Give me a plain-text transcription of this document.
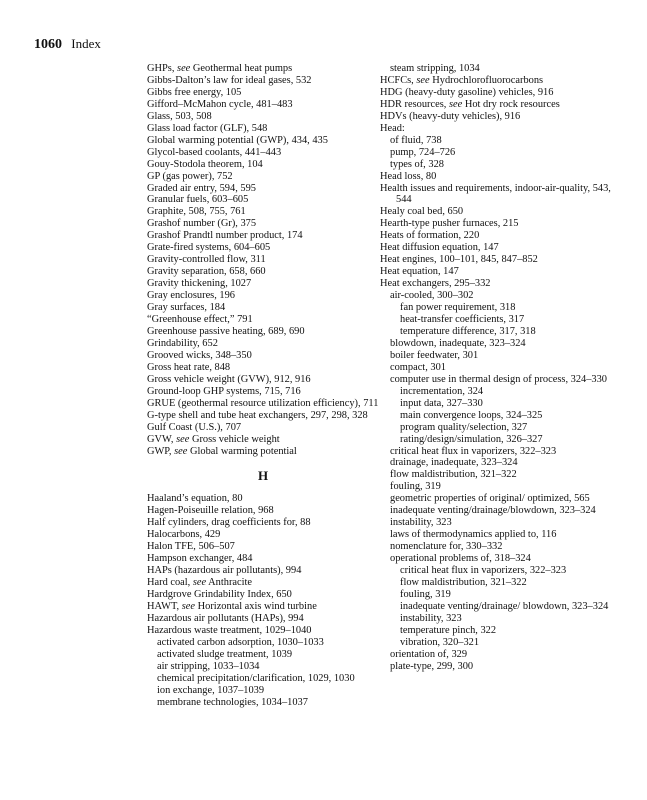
1060 Index
GHPs, see Geothermal heat pumps
Gibbs-Dalton’s law for ideal gases, 532
Gibbs free energy, 105
Gifford–McMahon cycle, 481–483
Glass, 503, 508
Glass load factor (GLF), 548
Global warming potential (GWP), 434, 435
Glycol-based coolants, 441–443
Gouy-Stodola theorem, 104
GP (gas power), 752
Graded air entry, 594, 595
Granular fuels, 603–605
Graphite, 508, 755, 761
Grashof number (Gr), 375
Grashof Prandtl number product, 174
Grate-fired systems, 604–605
Gravity-controlled flow, 311
Gravity separation, 658, 660
Gravity thickening, 1027
Gray enclosures, 196
Gray surfaces, 184
“Greenhouse effect,” 791
Greenhouse passive heating, 689, 690
Grindability, 652
Grooved wicks, 348–350
Gross heat rate, 848
Gross vehicle weight (GVW), 912, 916
Ground-loop GHP systems, 715, 716
GRUE (geothermal resource utilization efficiency), 711
G-type shell and tube heat exchangers, 297, 298, 328
Gulf Coast (U.S.), 707
GVW, see Gross vehicle weight
GWP, see Global warming potential
H
Haaland’s equation, 80
Hagen-Poiseuille relation, 968
Half cylinders, drag coefficients for, 88
Halocarbons, 429
Halon TFE, 506–507
Hampson exchanger, 484
HAPs (hazardous air pollutants), 994
Hard coal, see Anthracite
Hardgrove Grindability Index, 650
HAWT, see Horizontal axis wind turbine
Hazardous air pollutants (HAPs), 994
Hazardous waste treatment, 1029–1040
activated carbon adsorption, 1030–1033
activated sludge treatment, 1039
air stripping, 1033–1034
chemical precipitation/clarification, 1029, 1030
ion exchange, 1037–1039
membrane technologies, 1034–1037
steam stripping, 1034
HCFCs, see Hydrochlorofluorocarbons
HDG (heavy-duty gasoline) vehicles, 916
HDR resources, see Hot dry rock resources
HDVs (heavy-duty vehicles), 916
Head:
of fluid, 738
pump, 724–726
types of, 328
Head loss, 80
Health issues and requirements, indoor-air-quality, 543, 544
Healy coal bed, 650
Hearth-type pusher furnaces, 215
Heats of formation, 220
Heat diffusion equation, 147
Heat engines, 100–101, 845, 847–852
Heat equation, 147
Heat exchangers, 295–332
air-cooled, 300–302
fan power requirement, 318
heat-transfer coefficients, 317
temperature difference, 317, 318
blowdown, inadequate, 323–324
boiler feedwater, 301
compact, 301
computer use in thermal design of process, 324–330
incrementation, 324
input data, 327–330
main convergence loops, 324–325
program quality/selection, 327
rating/design/simulation, 326–327
critical heat flux in vaporizers, 322–323
drainage, inadequate, 323–324
flow maldistribution, 321–322
fouling, 319
geometric properties of original/ optimized, 565
inadequate venting/drainage/blowdown, 323–324
instability, 323
laws of thermodynamics applied to, 116
nomenclature for, 330–332
operational problems of, 318–324
critical heat flux in vaporizers, 322–323
flow maldistribution, 321–322
fouling, 319
inadequate venting/drainage/ blowdown, 323–324
instability, 323
temperature pinch, 322
vibration, 320–321
orientation of, 329
plate-type, 299, 300
